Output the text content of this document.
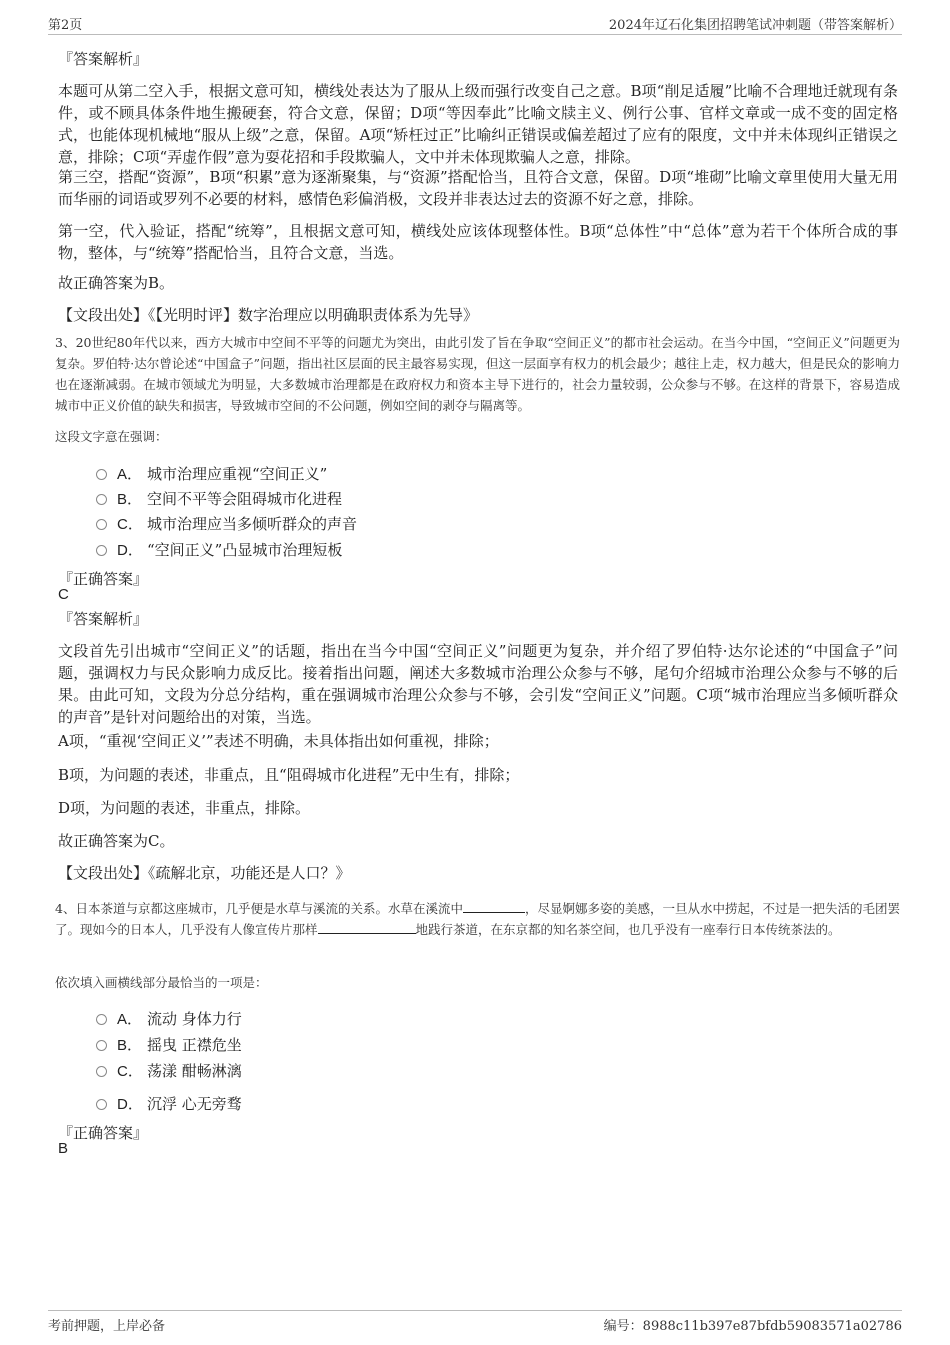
第2页	2024年辽石化集团招聘笔试冲刺题（带答案解析）
『答案解析』
本题可从第二空入手，根据文意可知，横线处表达为了服从上级而强行改变自己之意。B项“削足适履”比喻不合理地迁就现有条件，或不顾具体条件地生搬硬套，符合文意，保留；D项“等因奉此”比喻文牍主义、例行公事、官样文章或一成不变的固定格式，也能体现机械地“服从上级”之意，保留。A项“矫枉过正”比喻纠正错误或偏差超过了应有的限度，文中并未体现纠正错误之意，排除；C项“弄虚作假”意为耍花招和手段欺骗人，文中并未体现欺骗人之意，排除。
第三空，搭配“资源”，B项“积累”意为逐渐聚集，与“资源”搭配恰当，且符合文意，保留。D项“堆砌”比喻文章里使用大量无用而华丽的词语或罗列不必要的材料，感情色彩偏消极，文段并非表达过去的资源不好之意，排除。
第一空，代入验证，搭配“统筹”，且根据文意可知，横线处应该体现整体性。B项“总体性”中“总体”意为若干个体所合成的事物，整体，与“统筹”搭配恰当，且符合文意，当选。
故正确答案为B。
【文段出处】《【光明时评】数字治理应以明确职责体系为先导》
3、20世纪80年代以来，西方大城市中空间不平等的问题尤为突出，由此引发了旨在争取“空间正义”的都市社会运动。在当今中国，“空间正义”问题更为复杂。罗伯特·达尔曾论述“中国盒子”问题，指出社区层面的民主最容易实现，但这一层面享有权力的机会最少；越往上走，权力越大，但是民众的影响力也在逐渐减弱。在城市领域尤为明显，大多数城市治理都是在政府权力和资本主导下进行的，社会力量较弱，公众参与不够。在这样的背景下，容易造成城市中正义价值的缺失和损害，导致城市空间的不公问题，例如空间的剥夺与隔离等。
这段文字意在强调：
A． 城市治理应重视“空间正义”
B． 空间不平等会阻碍城市化进程
C． 城市治理应当多倾听群众的声音
D． “空间正义”凸显城市治理短板
『正确答案』
C
『答案解析』
文段首先引出城市“空间正义”的话题，指出在当今中国“空间正义”问题更为复杂，并介绍了罗伯特·达尔论述的“中国盒子”问题，强调权力与民众影响力成反比。接着指出问题，阐述大多数城市治理公众参与不够，尾句介绍城市治理公众参与不够的后果。由此可知，文段为分总分结构，重在强调城市治理公众参与不够，会引发“空间正义”问题。C项“城市治理应当多倾听群众的声音”是针对问题给出的对策，当选。
A项，“重视‘空间正义’”表述不明确，未具体指出如何重视，排除；
B项，为问题的表述，非重点，且“阻碍城市化进程”无中生有，排除；
D项，为问题的表述，非重点，排除。
故正确答案为C。
【文段出处】《疏解北京，功能还是人口？》
4、日本茶道与京都这座城市，几乎便是水草与溪流的关系。水草在溪流中	，尽显婀娜多姿的美感，一旦从水中捞起，不过是一把失活的毛团罢了。现如今的日本人，几乎没有人像宣传片那样	地践行茶道，在东京都的知名茶空间，也几乎没有一座奉行日本传统茶法的。
依次填入画横线部分最恰当的一项是：
A． 流动 身体力行
B． 摇曳 正襟危坐
C． 荡漾 酣畅淋漓
D． 沉浮 心无旁骛
『正确答案』
B
考前押题，上岸必备	编号：8988c11b397e87bfdb59083571a02786
